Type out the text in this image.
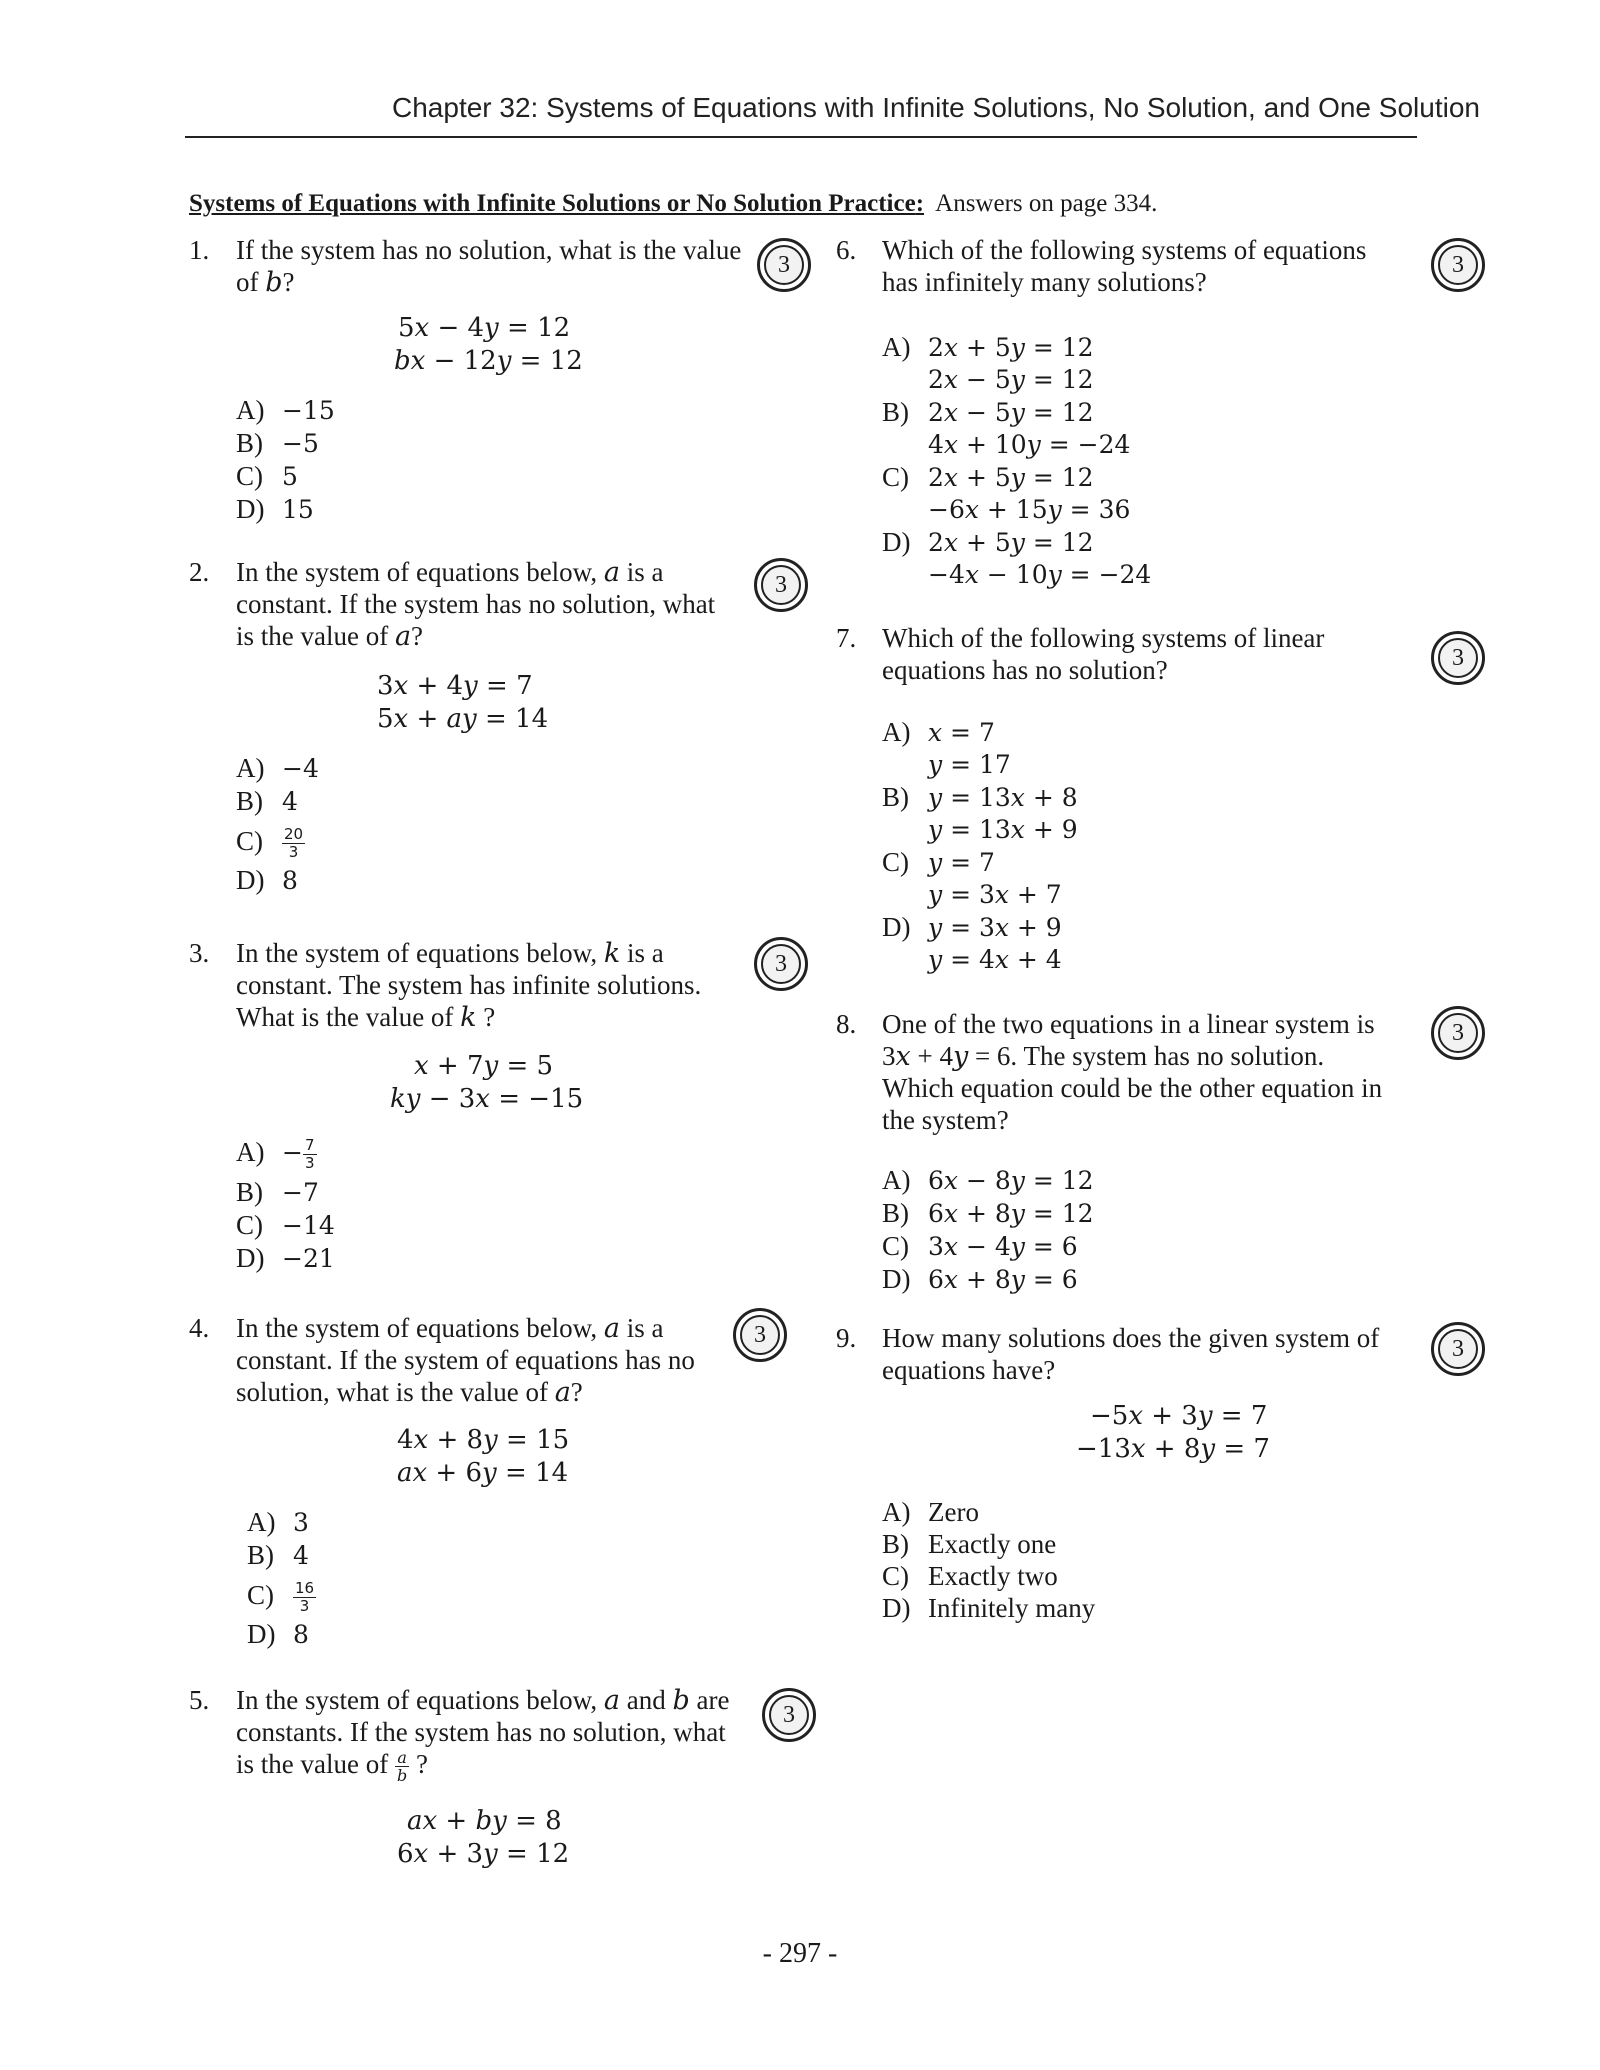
Chapter 32: Systems of Equations with Infinite Solutions, No Solution, and One Solution
Systems of Equations with Infinite Solutions or No Solution Practice: Answers on page 334.
1. If the system has no solution, what is the value
of 𝑏?
3
5𝑥 − 4𝑦 = 12
𝑏𝑥 − 12𝑦 = 12
A) −15
B) −5
C) 5
D) 15
2. In the system of equations below, 𝑎 is a
constant. If the system has no solution, what
is the value of 𝑎?
3
3𝑥 + 4𝑦 = 7
5𝑥 + 𝑎𝑦 = 14
A) −4
B) 4
$C) \frac{20}{3}$
D) 8
3. In the system of equations below, 𝑘 is a
constant. The system has infinite solutions.
What is the value of 𝑘 ?
3
𝑥 + 7𝑦 = 5
𝑘𝑦 − 3𝑥 = −15
$A) - \frac{7}{3}$
B) −7
C) −14
D) −21
4. In the system of equations below, 𝑎 is a
constant. If the system of equations has no
solution, what is the value of 𝑎?
3
4𝑥 + 8𝑦 = 15
𝑎𝑥 + 6𝑦 = 14
A) 3
B) 4
$C) \frac{16}{3}$
D) 8
5. In the system of equations below, 𝑎 and 𝑏 are
constants. If the system has no solution, what
is the value of $\frac{\text{𝑎}}{\text{𝑏}}$ ?
3
𝑎𝑥 + 𝑏𝑦 = 8
6𝑥 + 3𝑦 = 12
6. Which of the following systems of equations
has infinitely many solutions?
3
A) 2𝑥 + 5𝑦 = 12
2𝑥 − 5𝑦 = 12
B) 2𝑥 − 5𝑦 = 12
4𝑥 + 10𝑦 = −24
C) 2𝑥 + 5𝑦 = 12
−6𝑥 + 15𝑦 = 36
D) 2𝑥 + 5𝑦 = 12
−4𝑥 − 10𝑦 = −24
7. Which of the following systems of linear
equations has no solution?	3
A) 𝑥 = 7
𝑦 = 17
B) 𝑦 = 13𝑥 + 8
𝑦 = 13𝑥 + 9
C) 𝑦 = 7
𝑦 = 3𝑥 + 7
D) 𝑦 = 3𝑥 + 9
𝑦 = 4𝑥 + 4
8. One of the two equations in a linear system is
3𝑥 + 4𝑦 = 6. The system has no solution.
Which equation could be the other equation in
the system?
3
A) 6𝑥 − 8𝑦 = 12
B) 6𝑥 + 8𝑦 = 12
C) 3𝑥 − 4𝑦 = 6
D) 6𝑥 + 8𝑦 = 6
9. How many solutions does the given system of
equations have?
3
−5𝑥 + 3𝑦 = 7
−13𝑥 + 8𝑦 = 7
A) Zero
B) Exactly one
C) Exactly two
D) Infinitely many
- 297 -
